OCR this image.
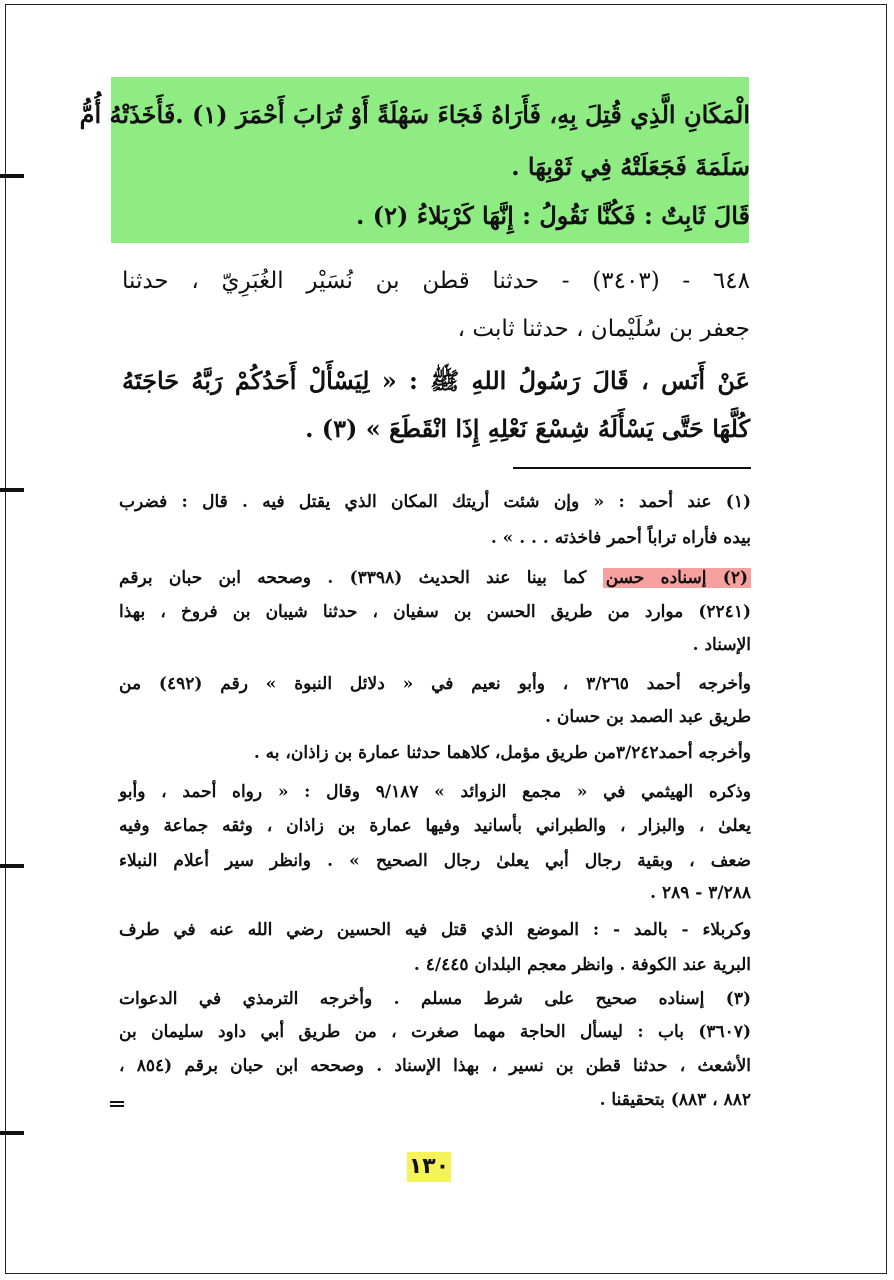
الْمَكَانِ الَّذِي قُتِلَ بِهِ، فَأَرَاهُ فَجَاءَ سَهْلَةً أَوْ تُرَابَ أَحْمَرَ (١) .فَأَخَذَتْهُ أُمُّ
سَلَمَةَ فَجَعَلَتْهُ فِي ثَوْبِهَا .
قَالَ ثَابِتٌ : فَكُنَّا نَقُولُ : إِنَّهَا كَرْبَلاءُ (٢) .
٦٤٨ - (٣٤٠٣) - حدثنا قطن بن نُسَيْر الغُبَرِيّ ، حدثنا
جعفر بن سُلَيْمان ، حدثنا ثابت ،
عَنْ أَنَس ، قَالَ رَسُولُ اللهِ ﷺ : « لِيَسْأَلْ أَحَدُكُمْ رَبَّهُ حَاجَتَهُ
كُلَّهَا حَتَّى يَسْأَلَهُ شِسْعَ نَعْلِهِ إِذَا انْقَطَعَ » (٣) .
(١) عند أحمد : « وإن شئت أريتك المكان الذي يقتل فيه . قال : فضرب
بيده فأراه تراباً أحمر فاخذته . . . » .
(٢) إسناده حسن كما بينا عند الحديث (٣٣٩٨) . وصححه ابن حبان برقم
(٢٢٤١) موارد من طريق الحسن بن سفيان ، حدثنا شيبان بن فروخ ، بهذا
الإسناد .
وأخرجه أحمد ٣/٢٦٥ ، وأبو نعيم في « دلائل النبوة » رقم (٤٩٢) من
طريق عبد الصمد بن حسان .
وأخرجه أحمد٣/٢٤٢من طريق مؤمل، كلاهما حدثنا عمارة بن زاذان، به .
وذكره الهيثمي في « مجمع الزوائد » ٩/١٨٧ وقال : « رواه أحمد ، وأبو
يعلىٰ ، والبزار ، والطبراني بأسانيد وفيها عمارة بن زاذان ، وثقه جماعة وفيه
ضعف ، وبقية رجال أبي يعلىٰ رجال الصحيح » . وانظر سير أعلام النبلاء
٣/٢٨٨ - ٢٨٩ .
وكربلاء - بالمد - : الموضع الذي قتل فيه الحسين رضي الله عنه في طرف
البرية عند الكوفة . وانظر معجم البلدان ٤/٤٤٥ .
(٣) إسناده صحيح على شرط مسلم . وأخرجه الترمذي في الدعوات
(٣٦٠٧) باب : ليسأل الحاجة مهما صغرت ، من طريق أبي داود سليمان بن
الأشعث ، حدثنا قطن بن نسير ، بهذا الإسناد . وصححه ابن حبان برقم (٨٥٤ ،
٨٨٢ ، ٨٨٣) بتحقيقنا .
١٣٠
